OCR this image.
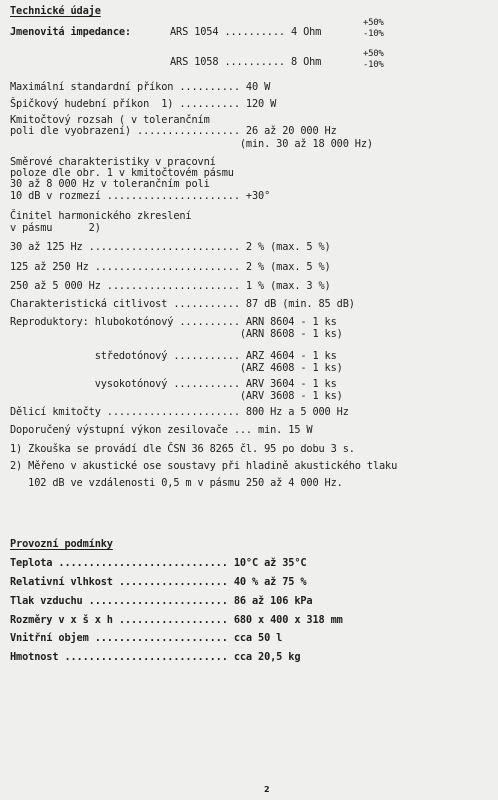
Technické údaje
Jmenovitá impedance:	ARS 1054 .......... 4 Ohm
+50%
-10%
ARS 1058 .......... 8 Ohm
+50%
-10%
Maximální standardní příkon .......... 40 W
Špičkový hudební příkon  1) .......... 120 W
Kmitočtový rozsah ( v tolerančním
poli dle vyobrazení) ................. 26 až 20 000 Hz
(min. 30 až 18 000 Hz)
Směrové charakteristiky v pracovní
poloze dle obr. 1 v kmitočtovém pásmu
30 až 8 000 Hz v tolerančním poli
10 dB v rozmezí ...................... +30°
Činitel harmonického zkreslení
v pásmu      2)
30 až 125 Hz ......................... 2 % (max. 5 %)
125 až 250 Hz ........................ 2 % (max. 5 %)
250 až 5 000 Hz ...................... 1 % (max. 3 %)
Charakteristická citlivost ........... 87 dB (min. 85 dB)
Reproduktory: hlubokotónový .......... ARN 8604 - 1 ks
(ARN 8608 - 1 ks)
středotónový ........... ARZ 4604 - 1 ks
(ARZ 4608 - 1 ks)
vysokotónový ........... ARV 3604 - 1 ks
(ARV 3608 - 1 ks)
Dělicí kmitočty ...................... 800 Hz a 5 000 Hz
Doporučený výstupní výkon zesilovače ... min. 15 W
1) Zkouška se provádí dle ČSN 36 8265 čl. 95 po dobu 3 s.
2) Měřeno v akustické ose soustavy při hladině akustického tlaku
102 dB ve vzdálenosti 0,5 m v pásmu 250 až 4 000 Hz.
Provozní podmínky
Teplota ............................ 10°C až 35°C
Relativní vlhkost .................. 40 % až 75 %
Tlak vzduchu ....................... 86 až 106 kPa
Rozměry v x š x h .................. 680 x 400 x 318 mm
Vnitřní objem ...................... cca 50 l
Hmotnost ........................... cca 20,5 kg
2
